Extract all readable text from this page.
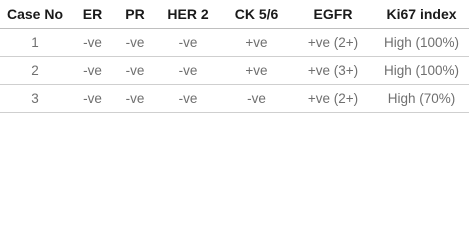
Case No	ER	PR	HER 2	CK 5/6	EGFR	Ki67 index
1	-ve	-ve	-ve	+ve	+ve (2+)	High (100%)
2	-ve	-ve	-ve	+ve	+ve (3+)	High (100%)
3	-ve	-ve	-ve	-ve	+ve (2+)	High (70%)
